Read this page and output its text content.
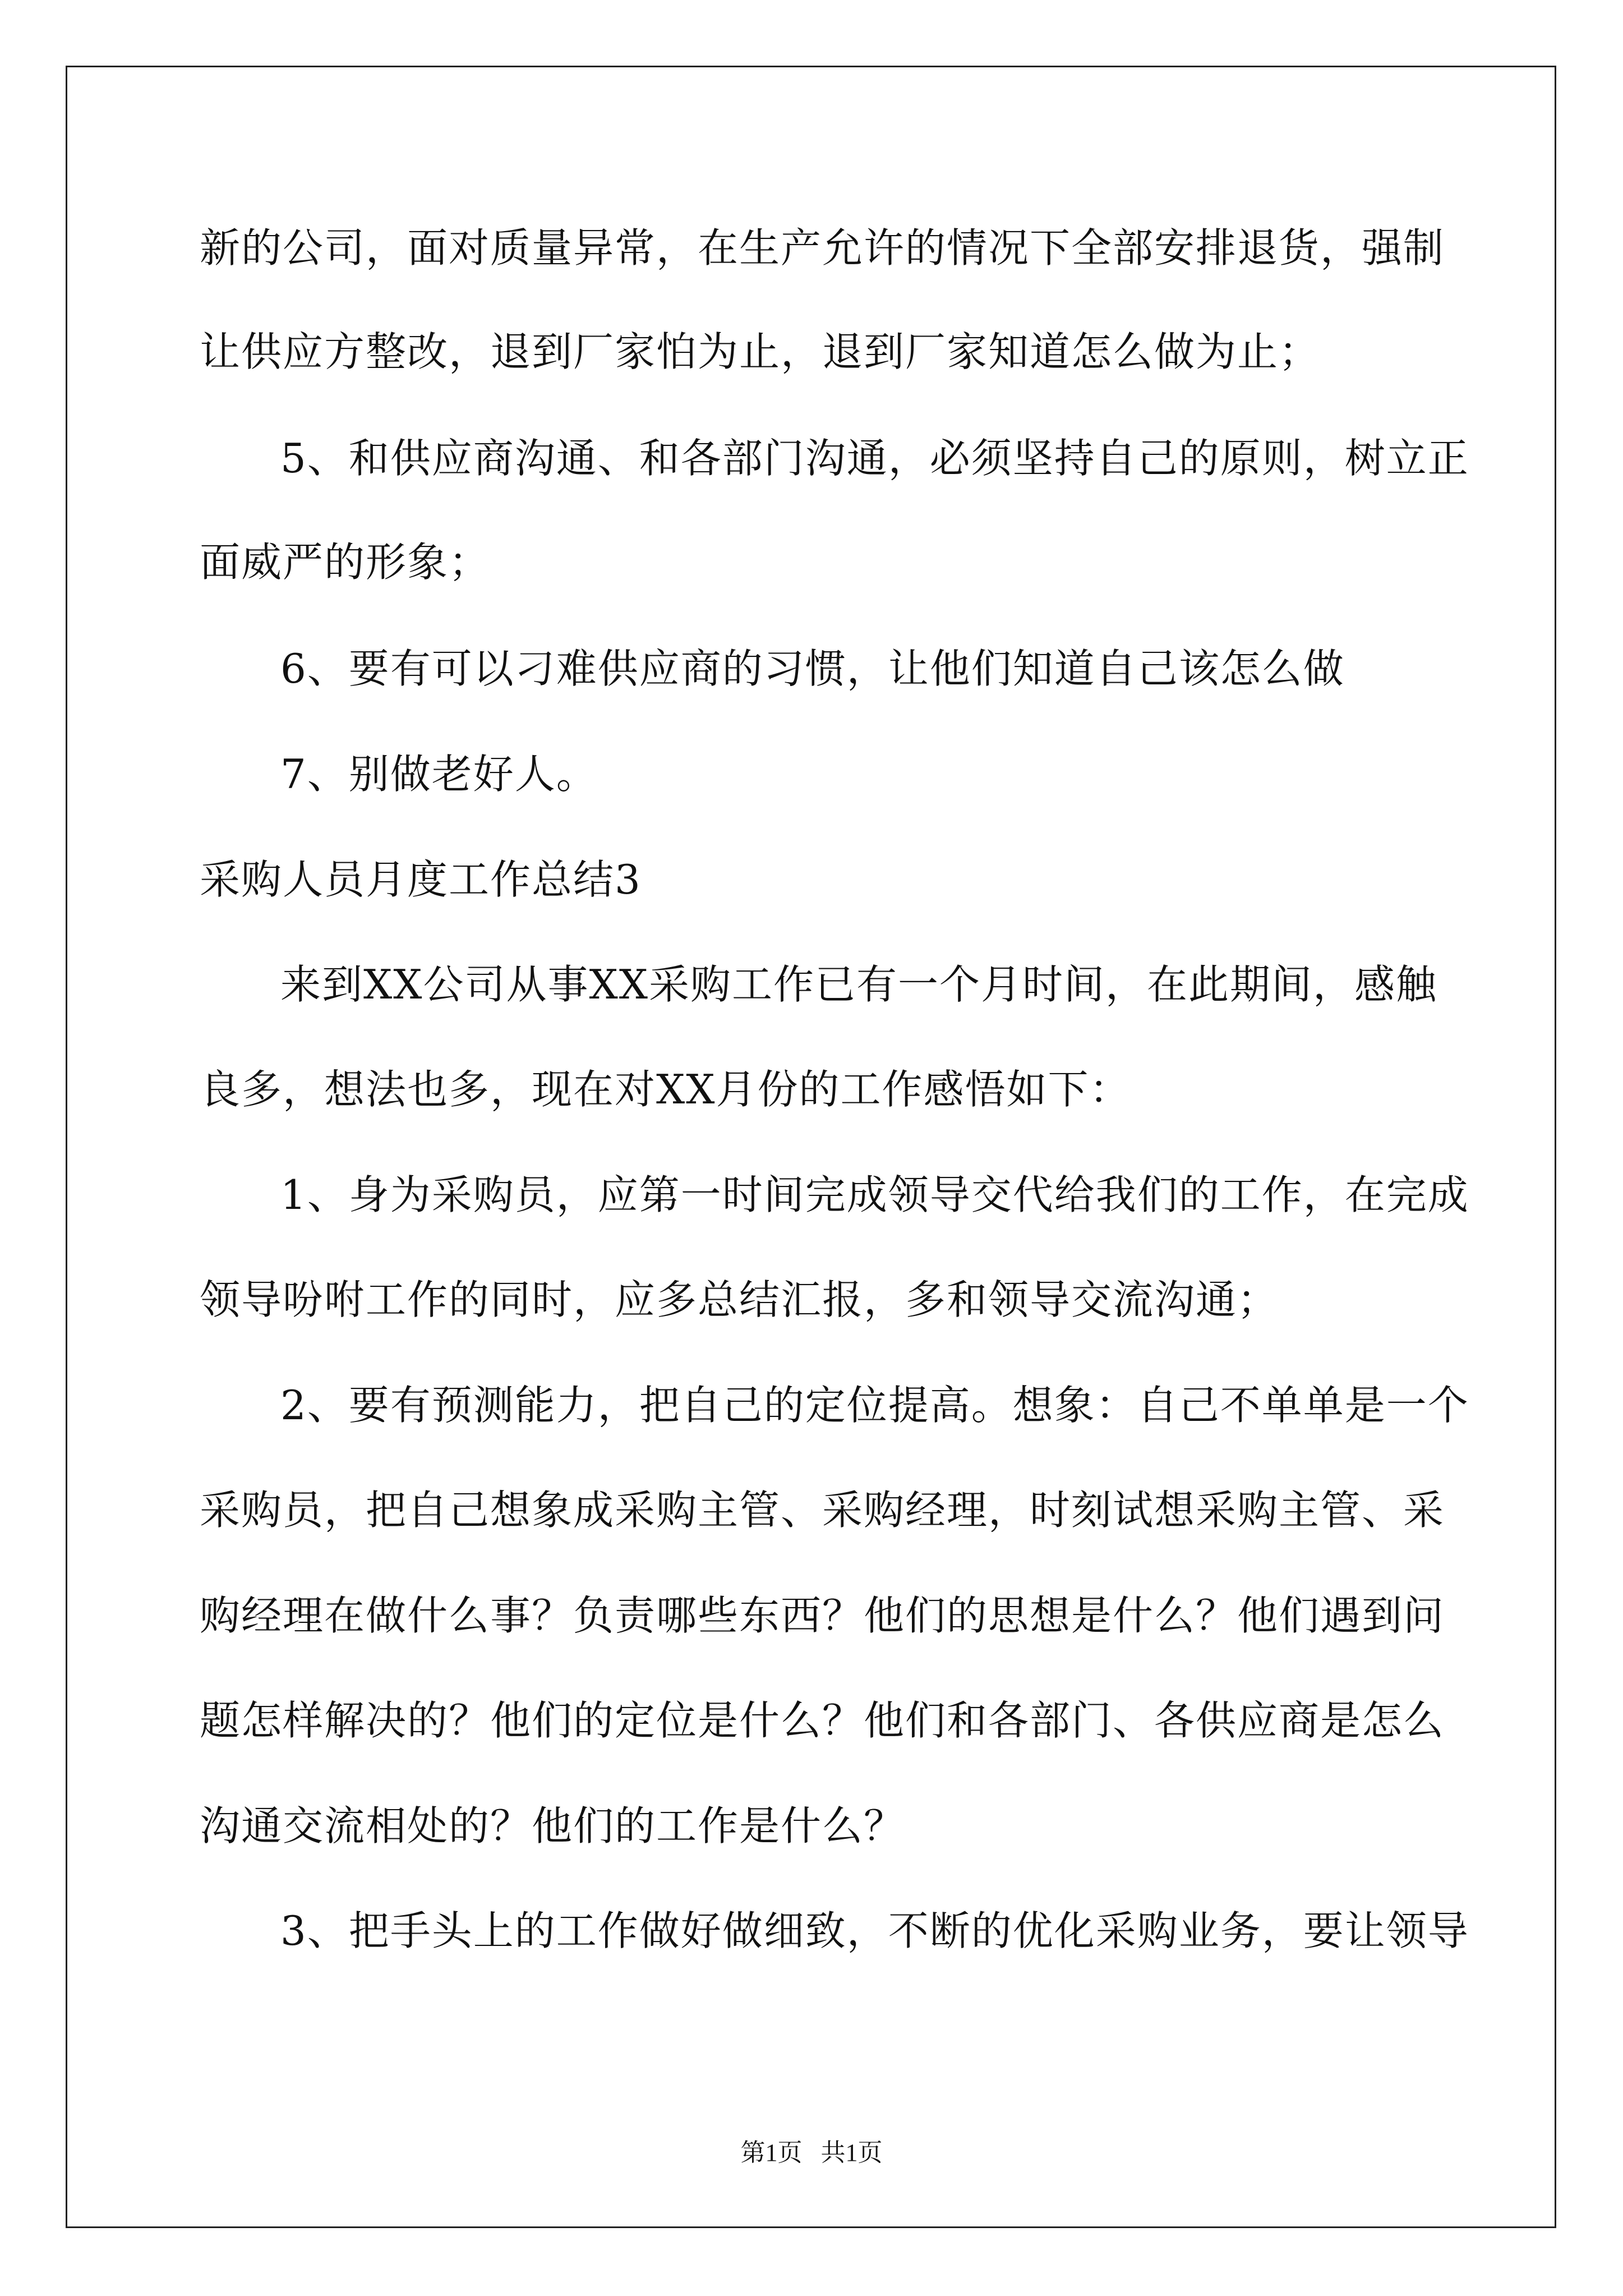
新的公司，面对质量异常，在生产允许的情况下全部安排退货，强制
让供应方整改，退到厂家怕为止，退到厂家知道怎么做为止；
5、和供应商沟通、和各部门沟通，必须坚持自己的原则，树立正
面威严的形象；
6、要有可以刁难供应商的习惯，让他们知道自己该怎么做
7、别做老好人。
采购人员月度工作总结3
来到XX公司从事XX采购工作已有一个月时间，在此期间，感触
良多，想法也多，现在对XX月份的工作感悟如下：
1、身为采购员，应第一时间完成领导交代给我们的工作，在完成
领导吩咐工作的同时，应多总结汇报，多和领导交流沟通；
2、要有预测能力，把自己的定位提高。想象：自己不单单是一个
采购员，把自己想象成采购主管、采购经理，时刻试想采购主管、采
购经理在做什么事？负责哪些东西？他们的思想是什么？他们遇到问
题怎样解决的？他们的定位是什么？他们和各部门、各供应商是怎么
沟通交流相处的？他们的工作是什么？
3、把手头上的工作做好做细致，不断的优化采购业务，要让领导
第1页   共1页
